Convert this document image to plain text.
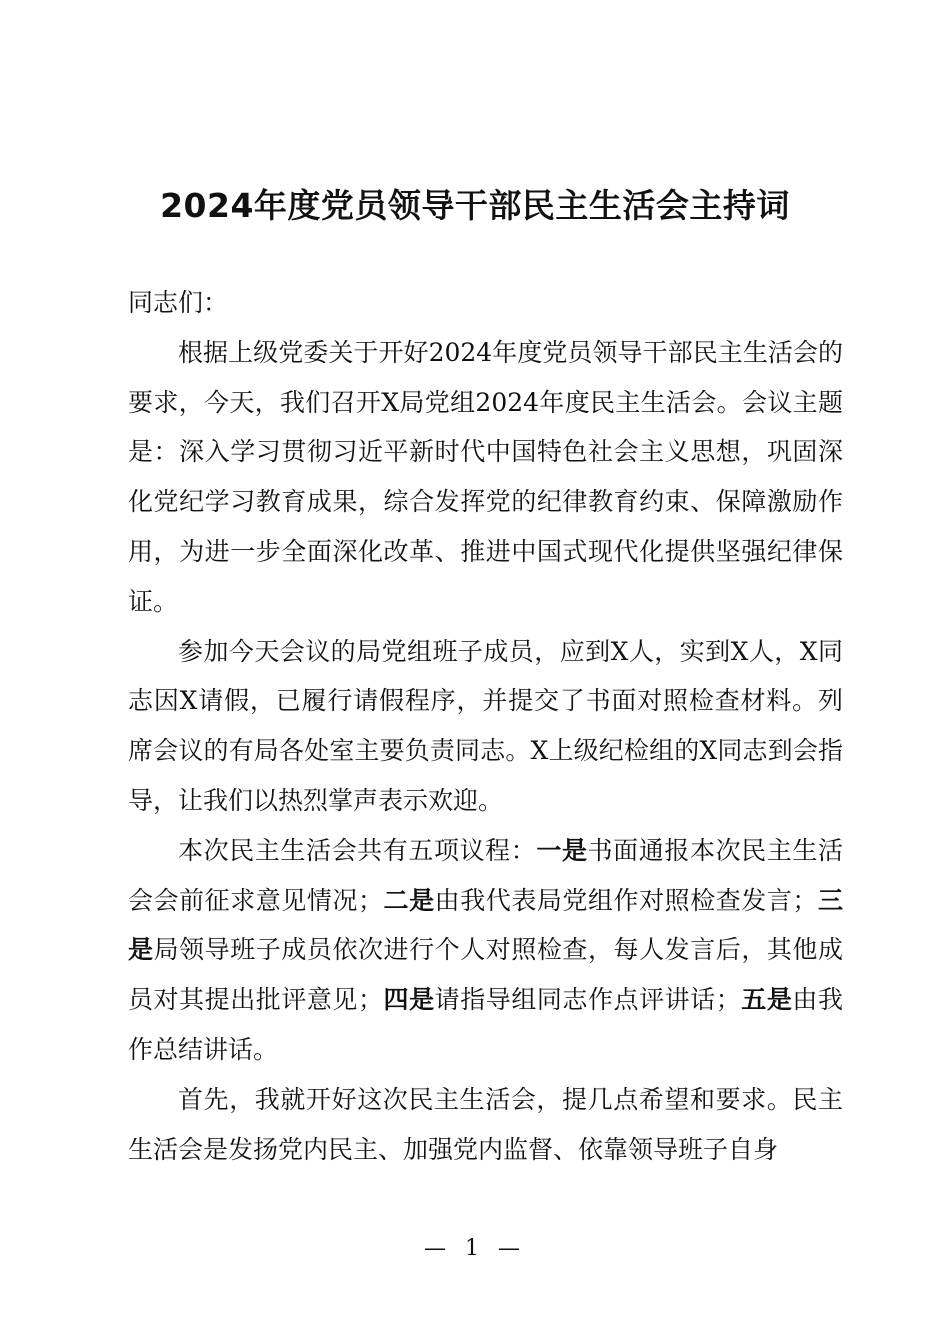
2024年度党员领导干部民主生活会主持词

同志们：

根据上级党委关于开好2024年度党员领导干部民主生活会的要求，今天，我们召开X局党组2024年度民主生活会。会议主题是：深入学习贯彻习近平新时代中国特色社会主义思想，巩固深化党纪学习教育成果，综合发挥党的纪律教育约束、保障激励作用，为进一步全面深化改革、推进中国式现代化提供坚强纪律保证。

参加今天会议的局党组班子成员，应到X人，实到X人，X同志因X请假，已履行请假程序，并提交了书面对照检查材料。列席会议的有局各处室主要负责同志。X上级纪检组的X同志到会指导，让我们以热烈掌声表示欢迎。

本次民主生活会共有五项议程：一是书面通报本次民主生活会会前征求意见情况；二是由我代表局党组作对照检查发言；三是局领导班子成员依次进行个人对照检查，每人发言后，其他成员对其提出批评意见；四是请指导组同志作点评讲话；五是由我作总结讲话。

首先，我就开好这次民主生活会，提几点希望和要求。民主生活会是发扬党内民主、加强党内监督、依靠领导班子自身

— 1 —
